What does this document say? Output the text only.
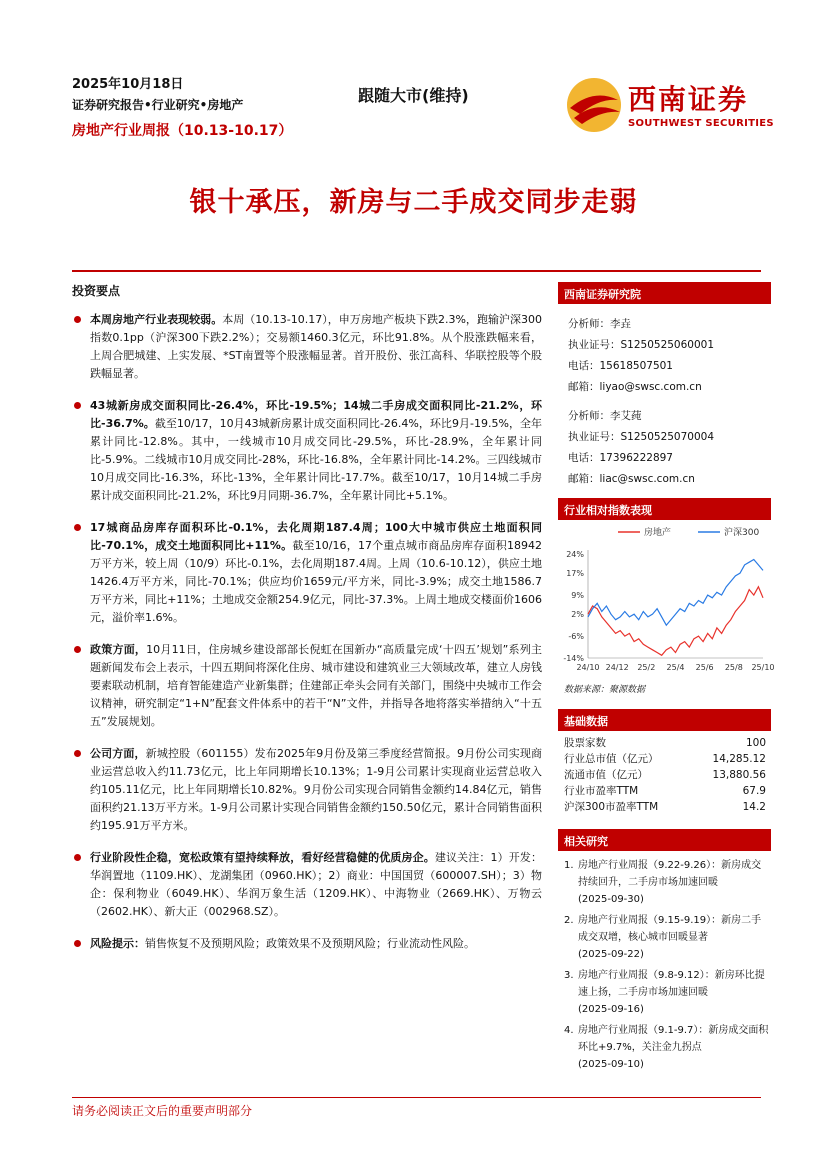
2025年10月18日
证券研究报告•行业研究•房地产
房地产行业周报（10.13-10.17）
跟随大市(维持)	西南证券
SOUTHWEST SECURITIES
银十承压，新房与二手成交同步走弱
投资要点
本周房地产行业表现较弱。本周（10.13-10.17），申万房地产板块下跌2.3%，跑输沪深300指数0.1pp（沪深300下跌2.2%）；交易额1460.3亿元，环比91.8%。从个股涨跌幅来看，上周合肥城建、上实发展、*ST南置等个股涨幅显著。首开股份、张江高科、华联控股等个股跌幅显著。
43城新房成交面积同比-26.4%，环比-19.5%；14城二手房成交面积同比-21.2%，环比-36.7%。截至10/17，10月43城新房累计成交面积同比-26.4%，环比9月-19.5%，全年累计同比-12.8%。其中，一线城市10月成交同比-29.5%，环比-28.9%，全年累计同比-5.9%。二线城市10月成交同比-28%，环比-16.8%，全年累计同比-14.2%。三四线城市10月成交同比-16.3%，环比-13%，全年累计同比-17.7%。截至10/17，10月14城二手房累计成交面积同比-21.2%，环比9月同期-36.7%，全年累计同比+5.1%。
17城商品房库存面积环比-0.1%，去化周期187.4周；100大中城市供应土地面积同比-70.1%，成交土地面积同比+11%。截至10/16，17个重点城市商品房库存面积18942万平方米，较上周（10/9）环比-0.1%，去化周期187.4周。上周（10.6-10.12），供应土地1426.4万平方米，同比-70.1%；供应均价1659元/平方米，同比-3.9%；成交土地1586.7万平方米，同比+11%；土地成交金额254.9亿元，同比-37.3%。上周土地成交楼面价1606元，溢价率1.6%。
政策方面，10月11日，住房城乡建设部部长倪虹在国新办“高质量完成‘十四五’规划”系列主题新闻发布会上表示，十四五期间将深化住房、城市建设和建筑业三大领域改革，建立人房钱要素联动机制，培育智能建造产业新集群；住建部正牵头会同有关部门，围绕中央城市工作会议精神，研究制定“1+N”配套文件体系中的若干“N”文件，并指导各地将落实举措纳入“十五五”发展规划。
公司方面，新城控股（601155）发布2025年9月份及第三季度经营简报。9月份公司实现商业运营总收入约11.73亿元，比上年同期增长10.13%；1-9月公司累计实现商业运营总收入约105.11亿元，比上年同期增长10.82%。9月份公司实现合同销售金额约14.84亿元，销售面积约21.13万平方米。1-9月公司累计实现合同销售金额约150.50亿元，累计合同销售面积约195.91万平方米。
行业阶段性企稳，宽松政策有望持续释放，看好经营稳健的优质房企。建议关注：1）开发：华润置地（1109.HK）、龙湖集团（0960.HK）；2）商业：中国国贸（600007.SH）；3）物企：保利物业（6049.HK）、华润万象生活（1209.HK）、中海物业（2669.HK）、万物云（2602.HK）、新大正（002968.SZ）。
风险提示：销售恢复不及预期风险；政策效果不及预期风险；行业流动性风险。
西南证券研究院
分析师：李垚
执业证号：S1250525060001
电话：15618507501
邮箱：liyao@swsc.com.cn
分析师：李艾莼
执业证号：S1250525070004
电话：17396222897
邮箱：liac@swsc.com.cn
行业相对指数表现
房地产	沪深300
24%
17%
9%
2%
-6%
-14%
24/10 24/12 25/2 25/4 25/6 25/8 25/10
数据来源：聚源数据
基础数据
股票家数	100
行业总市值（亿元）	14,285.12
流通市值（亿元）	13,880.56
行业市盈率TTM	67.9
沪深300市盈率TTM	14.2
相关研究
1. 房地产行业周报（9.22-9.26）：新房成交持续回升，二手房市场加速回暖
(2025-09-30)
2. 房地产行业周报（9.15-9.19）：新房二手成交双增，核心城市回暖显著
(2025-09-22)
3. 房地产行业周报（9.8-9.12）：新房环比提速上扬，二手房市场加速回暖
(2025-09-16)
4. 房地产行业周报（9.1-9.7）：新房成交面积环比+9.7%，关注金九拐点
(2025-09-10)
请务必阅读正文后的重要声明部分
